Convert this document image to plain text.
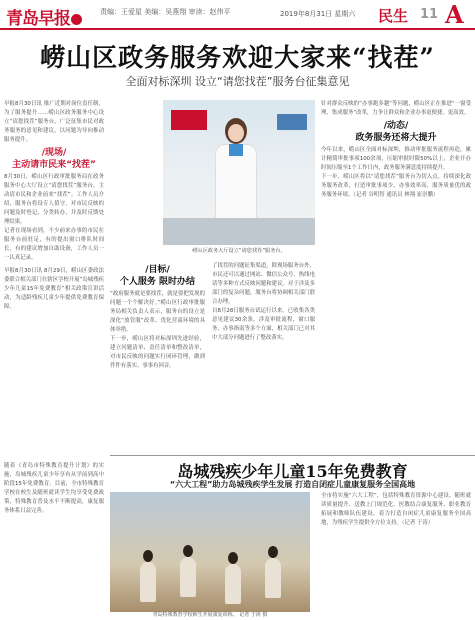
青岛早报	责编：王爱星 美编：吴燕翔 审读：赵伟平	2019年8月31日 星期六 民生 11 A
崂山区政务服务欢迎大家来“找茬”
全面对标深圳 设立“请您找茬”服务台征集意见

早报8月30日讯 推广近期对岗位责任制，为了服务提升……崂山区政务服务中心设立“请您找茬”服务台，广泛征集市民对政务服务的意见和建议，以问题为导向推动服务提升。

/现场/
主动请市民来“找茬”

8月30日，崂山区行政审批服务局在政务服务中心大厅设立“请您找茬”服务台，主动请市民和企业前来“找茬”。工作人员介绍，服务台将设专人值守，对市民反映的问题及时登记、分类转办，并及时反馈处理结果。

记者在现场看到，不少前来办事的市民在服务台前驻足，有的提出窗口排队时间长，有的建议增加自助设备，工作人员一一认真记录。

早报8月30日讯 8月29日，崂山区委政法委联合相关部门在辖区学校开展“岛城残疾少年儿童15年免费教育”相关政策宣讲活动，为适龄残疾儿童少年提供免费教育保障。

崂山区政务大厅设立“请您找茬”服务台。
/目标/
个人服务 限时办结

“政府服务就是要找茬，就是要把发现的问题一个个解决好。”崂山区行政审批服务局相关负责人表示，服务台的设立是深化“放管服”改革、优化营商环境的具体举措。

下一步，崂山区将对标深圳先进经验，建立问题清单、责任清单和整改清单，对市民反映的问题实行闭环管理，做到件件有落实、事事有回音。

了找茬的问题征集渠道，除现场服务台外，市民还可以通过网站、微信公众号、热线电话等多种方式反映问题和建议。对于涉及多部门的复杂问题，服务台将协调相关部门联合办理。

自8月28日服务台试运行以来，已收集各类意见建议30余条，涉及审批流程、窗口服务、办事指南等多个方面，相关部门已对其中大部分问题进行了整改落实。

针对群众反映的“办事跑多趟”等问题，崂山区正在推进“一窗受理、集成服务”改革，力争让群众和企业办事更便捷、更高效。

/动态/
政务服务还将大提升

今年以来，崂山区全面对标深圳，推动审批服务流程再造，累计精简审批事项100余项，压缩审批时限50%以上，企业开办时间压缩至1个工作日内，政务服务满意度持续提升。

下一步，崂山区将以“请您找茬”服务台为切入点，持续深化政务服务改革，打造审批事项少、办事效率高、服务质量优的政务服务环境。（记者 谷明智 通讯员 林翔 崔崇鹏）

岛城残疾少年儿童15年免费教育
“六大工程”助力岛城残疾学生发展 打造自闭症儿童康复服务全国高地

随着《青岛市特殊教育提升计划》的实施，岛城残疾儿童少年享有从学前到高中阶段15年免费教育。目前，全市特殊教育学校在校生及随班就读学生均享受免费政策，特殊教育普及水平不断提高，康复服务体系日益完善。

青岛特殊教育学校师生开展康复训练。 记者 于涛 摄

全市将实施“六大工程”，包括特殊教育资源中心建设、随班就读质量提升、送教上门规范化、医教结合康复服务、职业教育拓展和教师队伍建设，着力打造自闭症儿童康复服务全国高地，为残疾学生提供全方位支持。（记者 于涛）
